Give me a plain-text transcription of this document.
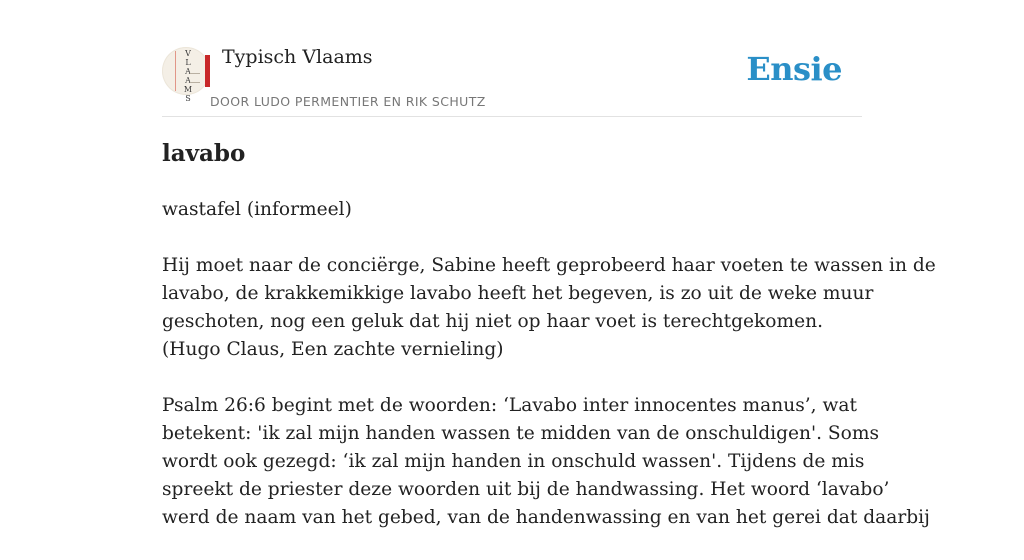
V
L
A
A
M
S
Typisch Vlaams
DOOR LUDO PERMENTIER EN RIK SCHUTZ
Ensie
lavabo

wastafel (informeel)

Hij moet naar de conciërge, Sabine heeft geprobeerd haar voeten te wassen in de
lavabo, de krakkemikkige lavabo heeft het begeven, is zo uit de weke muur
geschoten, nog een geluk dat hij niet op haar voet is terechtgekomen.
(Hugo Claus, Een zachte vernieling)

Psalm 26:6 begint met de woorden: ‘Lavabo inter innocentes manus’, wat
betekent: 'ik zal mijn handen wassen te midden van de onschuldigen'. Soms
wordt ook gezegd: ‘ik zal mijn handen in onschuld wassen'. Tijdens de mis
spreekt de priester deze woorden uit bij de handwassing. Het woord ‘lavabo’
werd de naam van het gebed, van de handenwassing en van het gerei dat daarbij
